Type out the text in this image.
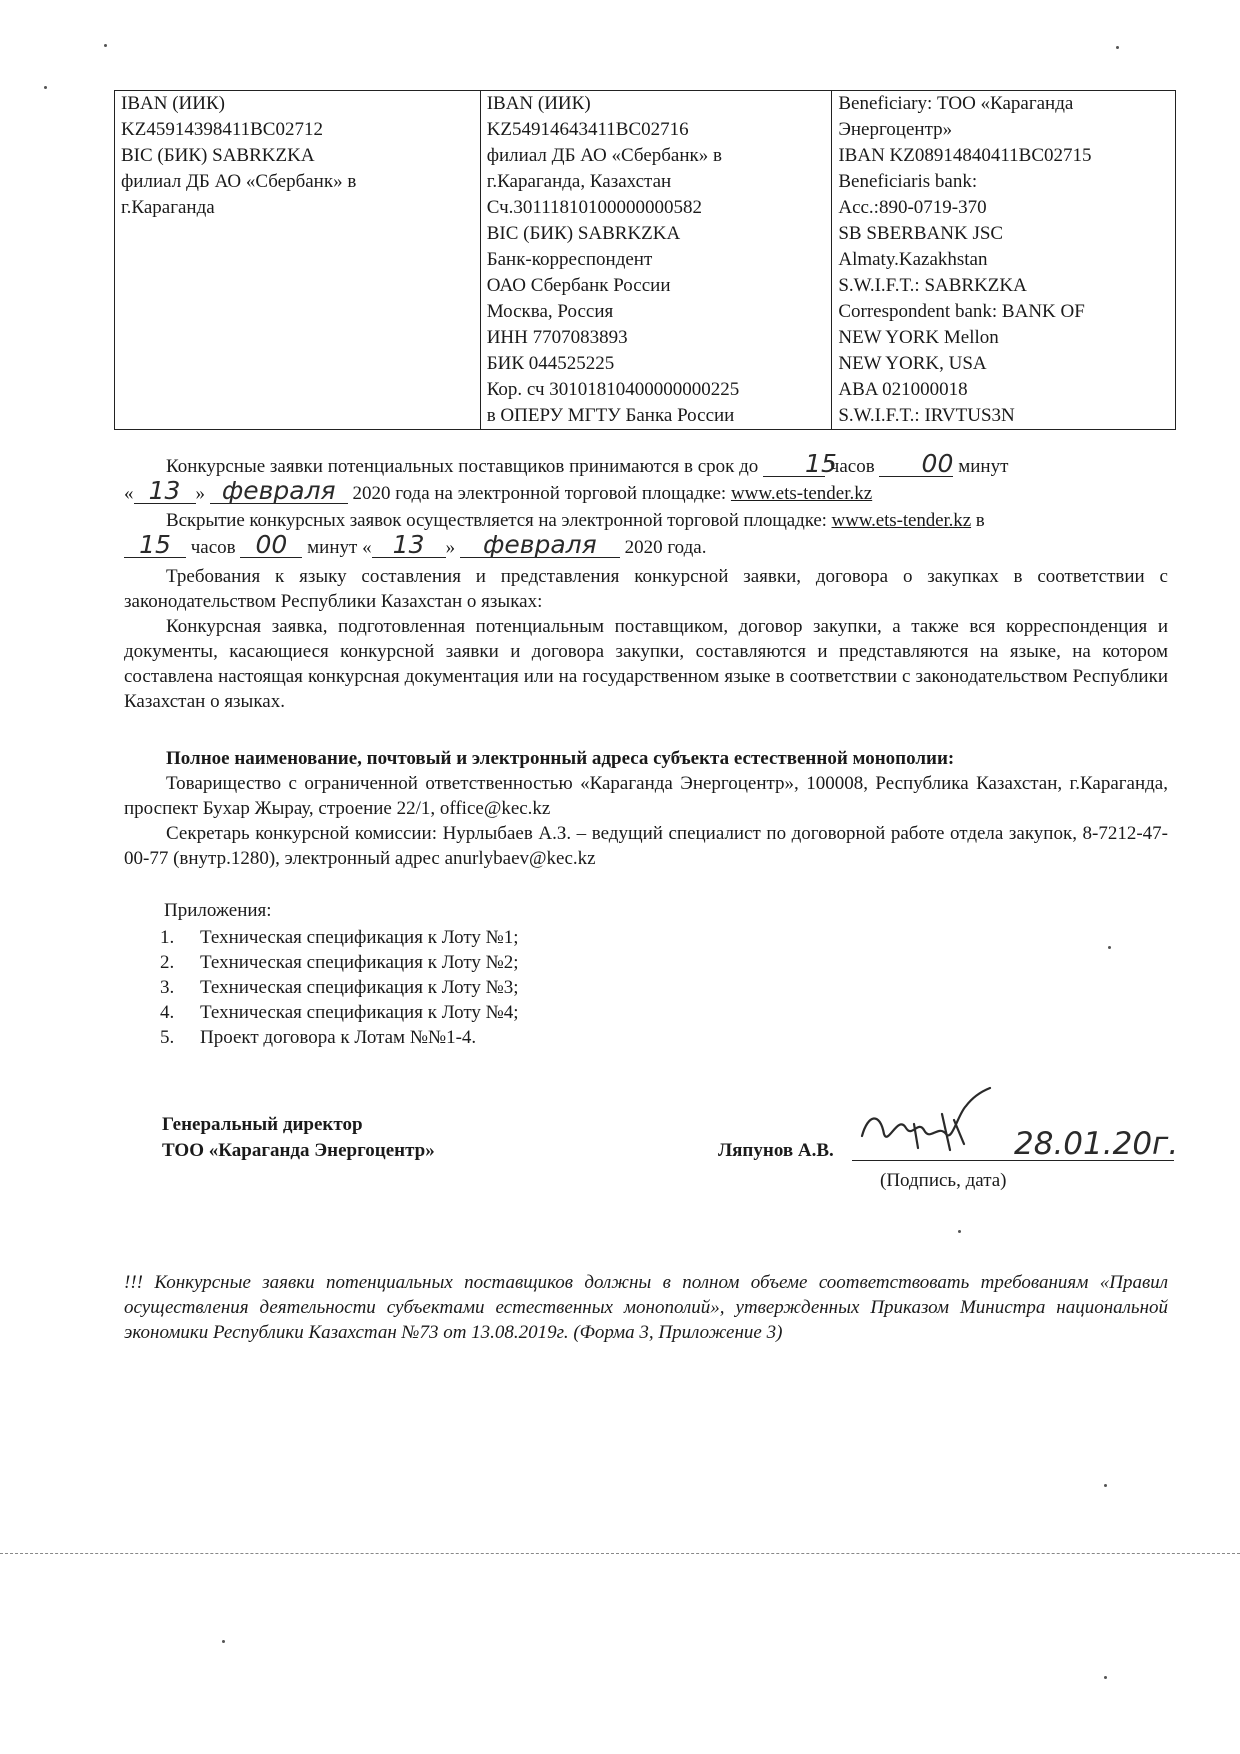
IBAN (ИИК)
KZ45914398411BC02712
BIC (БИК) SABRKZKA
филиал ДБ АО «Сбербанк» в
г.Караганда

IBAN (ИИК)
KZ54914643411BC02716
филиал ДБ АО «Сбербанк» в
г.Караганда, Казахстан
Сч.30111810100000000582
BIC (БИК) SABRKZKA
Банк-корреспондент
ОАО Сбербанк России
Москва, Россия
ИНН 7707083893
БИК 044525225
Кор. сч 30101810400000000225
в ОПЕРУ МГТУ Банка России

Beneficiary: ТОО «Караганда
Энергоцентр»
IBAN KZ08914840411BC02715
Beneficiaris bank:
Acc.:890-0719-370
SB SBERBANK JSC
Almaty.Kazakhstan
S.W.I.F.T.: SABRKZKA
Correspondent bank: BANK OF
NEW YORK Mellon
NEW YORK, USA
ABA 021000018
S.W.I.F.T.: IRVTUS3N

Конкурсные заявки потенциальных поставщиков принимаются в срок до 15 часов 00 минут

« 13 » февраля 2020 года на электронной торговой площадке: www.ets-tender.kz

Вскрытие конкурсных заявок осуществляется на электронной торговой площадке: www.ets-tender.kz в

15 часов 00 минут « 13 » февраля 2020 года.

Требования к языку составления и представления конкурсной заявки, договора о закупках в соответствии с законодательством Республики Казахстан о языках:

Конкурсная заявка, подготовленная потенциальным поставщиком, договор закупки, а также вся корреспонденция и документы, касающиеся конкурсной заявки и договора закупки, составляются и представляются на языке, на котором составлена настоящая конкурсная документация или на государственном языке в соответствии с законодательством Республики Казахстан о языках.

Полное наименование, почтовый и электронный адреса субъекта естественной монополии:

Товарищество с ограниченной ответственностью «Караганда Энергоцентр», 100008, Республика Казахстан, г.Караганда, проспект Бухар Жырау, строение 22/1, office@kec.kz

Секретарь конкурсной комиссии: Нурлыбаев А.З. – ведущий специалист по договорной работе отдела закупок, 8-7212-47-00-77 (внутр.1280), электронный адрес anurlybaev@kec.kz

Приложения:

1.	Техническая спецификация к Лоту №1;
2.	Техническая спецификация к Лоту №2;
3.	Техническая спецификация к Лоту №3;
4.	Техническая спецификация к Лоту №4;
5.	Проект договора к Лотам №№1-4.
Генеральный директор
ТОО «Караганда Энергоцентр»	Ляпунов А.В.	28.01.20г.
(Подпись, дата)

!!! Конкурсные заявки потенциальных поставщиков должны в полном объеме соответствовать требованиям «Правил осуществления деятельности субъектами естественных монополий», утвержденных Приказом Министра национальной экономики Республики Казахстан №73 от 13.08.2019г. (Форма 3, Приложение 3)
